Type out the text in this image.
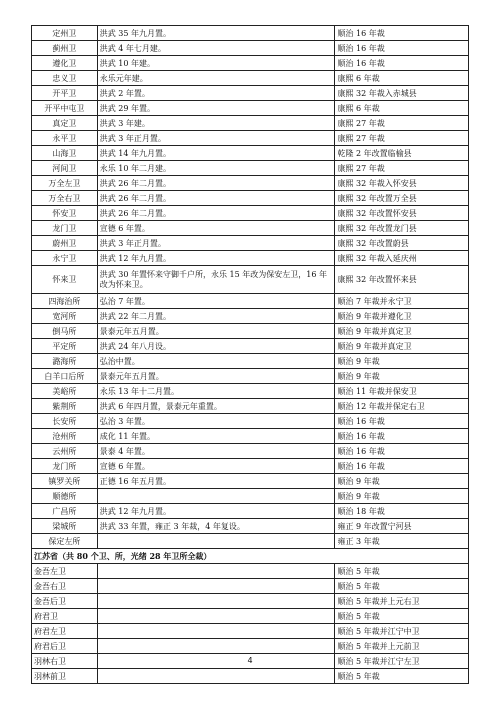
定州卫	洪武 35 年九月置。	顺治 16 年裁
蓟州卫	洪武 4 年七月建。	顺治 16 年裁
遵化卫	洪武 10 年建。	顺治 16 年裁
忠义卫	永乐元年建。	康熙 6 年裁
开平卫	洪武 2 年置。	康熙 32 年裁入赤城县
开平中屯卫	洪武 29 年置。	康熙 6 年裁
真定卫	洪武 3 年建。	康熙 27 年裁
永平卫	洪武 3 年正月置。	康熙 27 年裁
山海卫	洪武 14 年九月置。	乾隆 2 年改置临榆县
河间卫	永乐 10 年二月建。	康熙 27 年裁
万全左卫	洪武 26 年二月置。	康熙 32 年裁入怀安县
万全右卫	洪武 26 年二月置。	康熙 32 年改置万全县
怀安卫	洪武 26 年二月置。	康熙 32 年改置怀安县
龙门卫	宣德 6 年置。	康熙 32 年改置龙门县
蔚州卫	洪武 3 年正月置。	康熙 32 年改置蔚县
永宁卫	洪武 12 年九月置。	康熙 32 年裁入延庆州
怀来卫	洪武 30 年置怀来守御千户所，永乐 15 年改为保安左卫，16 年改为怀来卫。	康熙 32 年改置怀来县
四海治所	弘治 7 年置。	顺治 7 年裁并永宁卫
宽河所	洪武 22 年二月置。	顺治 9 年裁并遵化卫
倒马所	景泰元年五月置。	顺治 9 年裁并真定卫
平定所	洪武 24 年八月设。	顺治 9 年裁并真定卫
潞海所	弘治中置。	顺治 9 年裁
白羊口后所	景泰元年五月置。	顺治 9 年裁
美峪所	永乐 13 年十二月置。	顺治 11 年裁并保安卫
紫荆所	洪武 6 年四月置，景泰元年重置。	顺治 12 年裁并保定右卫
长安所	弘治 3 年置。	顺治 16 年裁
沧州所	成化 11 年置。	顺治 16 年裁
云州所	景泰 4 年置。	顺治 16 年裁
龙门所	宣德 6 年置。	顺治 16 年裁
镇罗关所	正德 16 年五月置。	顺治 9 年裁
顺德所		顺治 9 年裁
广昌所	洪武 12 年九月置。	顺治 18 年裁
梁城所	洪武 33 年置，雍正 3 年裁，4 年复设。	雍正 9 年改置宁河县
保定左所		雍正 3 年裁
江苏省（共 80 个卫、所，光绪 28 年卫所全裁）		
金吾左卫		顺治 5 年裁
金吾右卫		顺治 5 年裁
金吾后卫		顺治 5 年裁并上元右卫
府君卫		顺治 5 年裁
府君左卫		顺治 5 年裁并江宁中卫
府君后卫		顺治 5 年裁并上元前卫
羽林右卫		顺治 5 年裁并江宁左卫
羽林前卫		顺治 5 年裁
4
